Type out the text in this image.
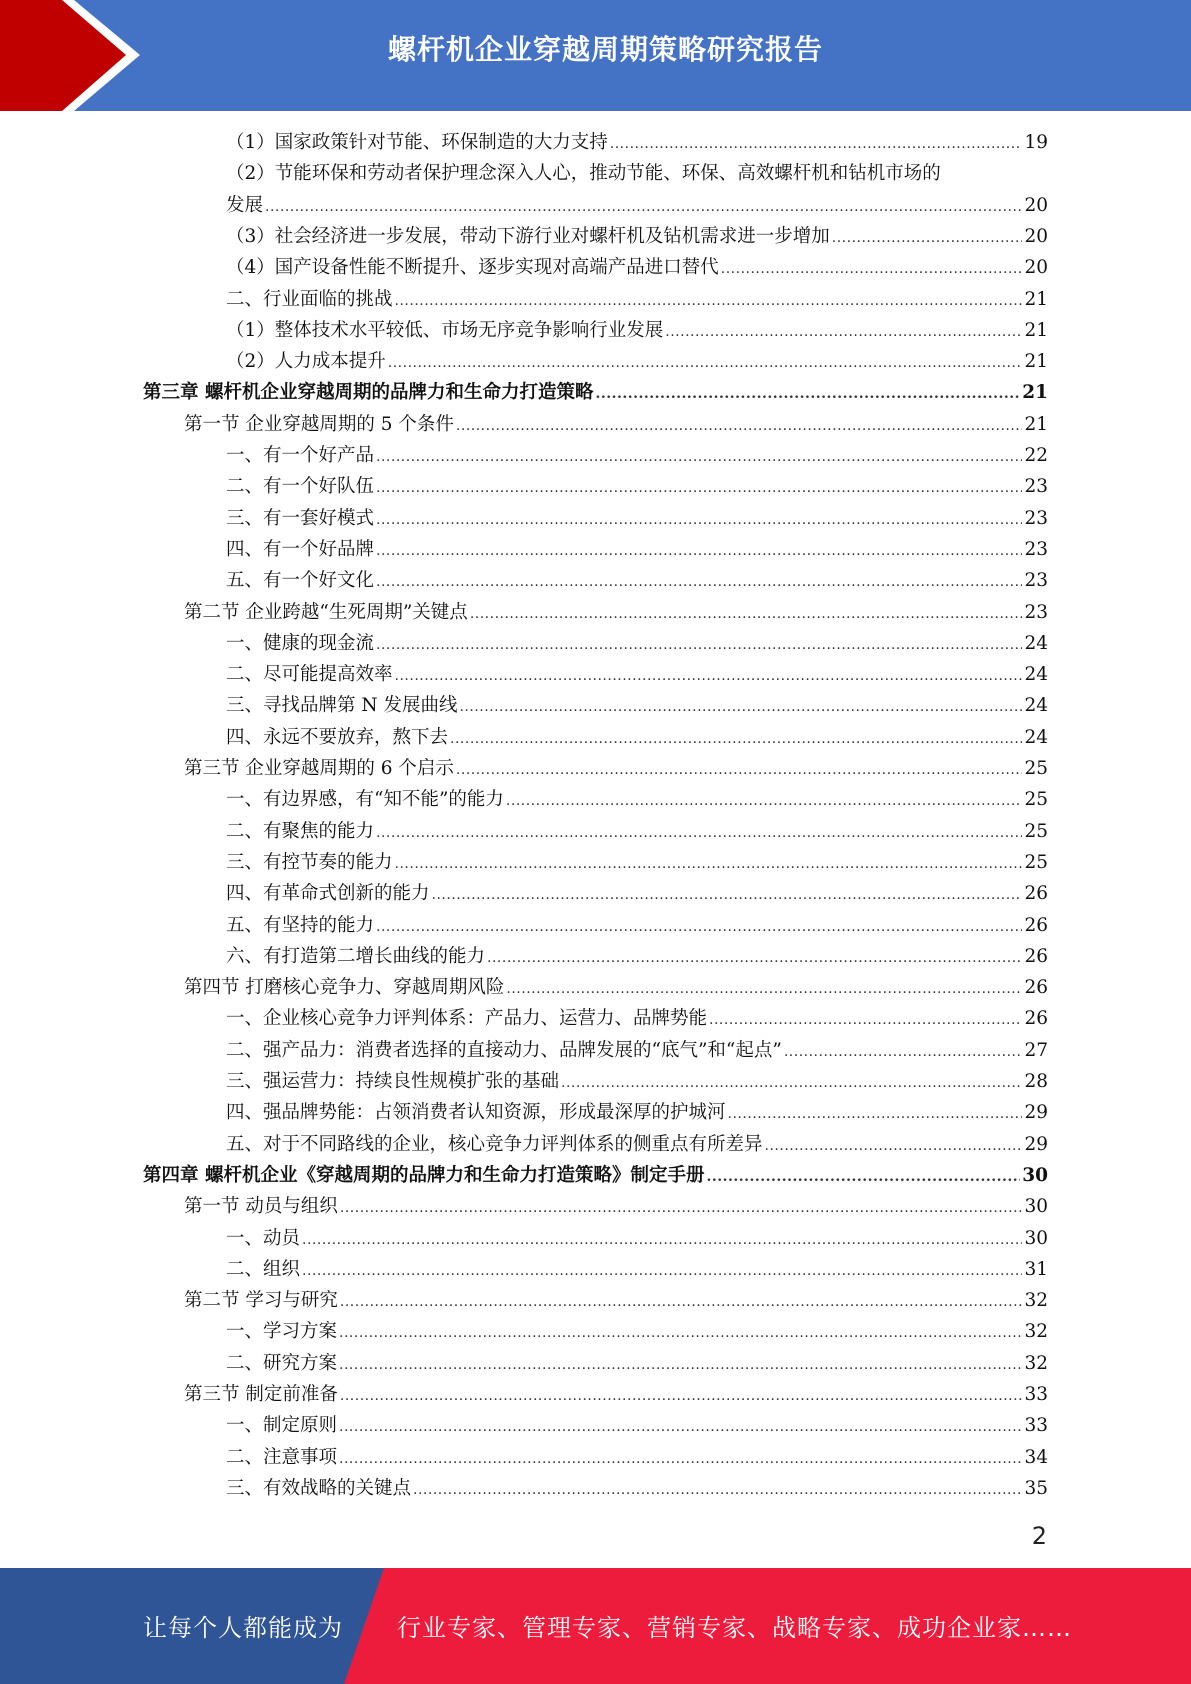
螺杆机企业穿越周期策略研究报告
（1）国家政策针对节能、环保制造的大力支持 .....	19
（2）节能环保和劳动者保护理念深入人心，推动节能、环保、高效螺杆机和钻机市场的
发展 .....	20
（3）社会经济进一步发展，带动下游行业对螺杆机及钻机需求进一步增加 .....	20
（4）国产设备性能不断提升、逐步实现对高端产品进口替代 .....	20
二、行业面临的挑战 .....	21
（1）整体技术水平较低、市场无序竞争影响行业发展 .....	21
（2）人力成本提升 .....	21
第三章 螺杆机企业穿越周期的品牌力和生命力打造策略 .....	21
第一节 企业穿越周期的 5 个条件 .....	21
一、有一个好产品 .....	22
二、有一个好队伍 .....	23
三、有一套好模式 .....	23
四、有一个好品牌 .....	23
五、有一个好文化 .....	23
第二节 企业跨越“生死周期”关键点 .....	23
一、健康的现金流 .....	24
二、尽可能提高效率 .....	24
三、寻找品牌第 N 发展曲线 .....	24
四、永远不要放弃，熬下去 .....	24
第三节 企业穿越周期的 6 个启示 .....	25
一、有边界感，有“知不能”的能力 .....	25
二、有聚焦的能力 .....	25
三、有控节奏的能力 .....	25
四、有革命式创新的能力 .....	26
五、有坚持的能力 .....	26
六、有打造第二增长曲线的能力 .....	26
第四节 打磨核心竞争力、穿越周期风险 .....	26
一、企业核心竞争力评判体系：产品力、运营力、品牌势能 .....	26
二、强产品力：消费者选择的直接动力、品牌发展的“底气”和“起点” .....	27
三、强运营力：持续良性规模扩张的基础 .....	28
四、强品牌势能：占领消费者认知资源，形成最深厚的护城河 .....	29
五、对于不同路线的企业，核心竞争力评判体系的侧重点有所差异 .....	29
第四章 螺杆机企业《穿越周期的品牌力和生命力打造策略》制定手册 .....	30
第一节 动员与组织 .....	30
一、动员 .....	30
二、组织 .....	31
第二节 学习与研究 .....	32
一、学习方案 .....	32
二、研究方案 .....	32
第三节 制定前准备 .....	33
一、制定原则 .....	33
二、注意事项 .....	34
三、有效战略的关键点 .....	35
2
让每个人都能成为 行业专家、管理专家、营销专家、战略专家、成功企业家……
